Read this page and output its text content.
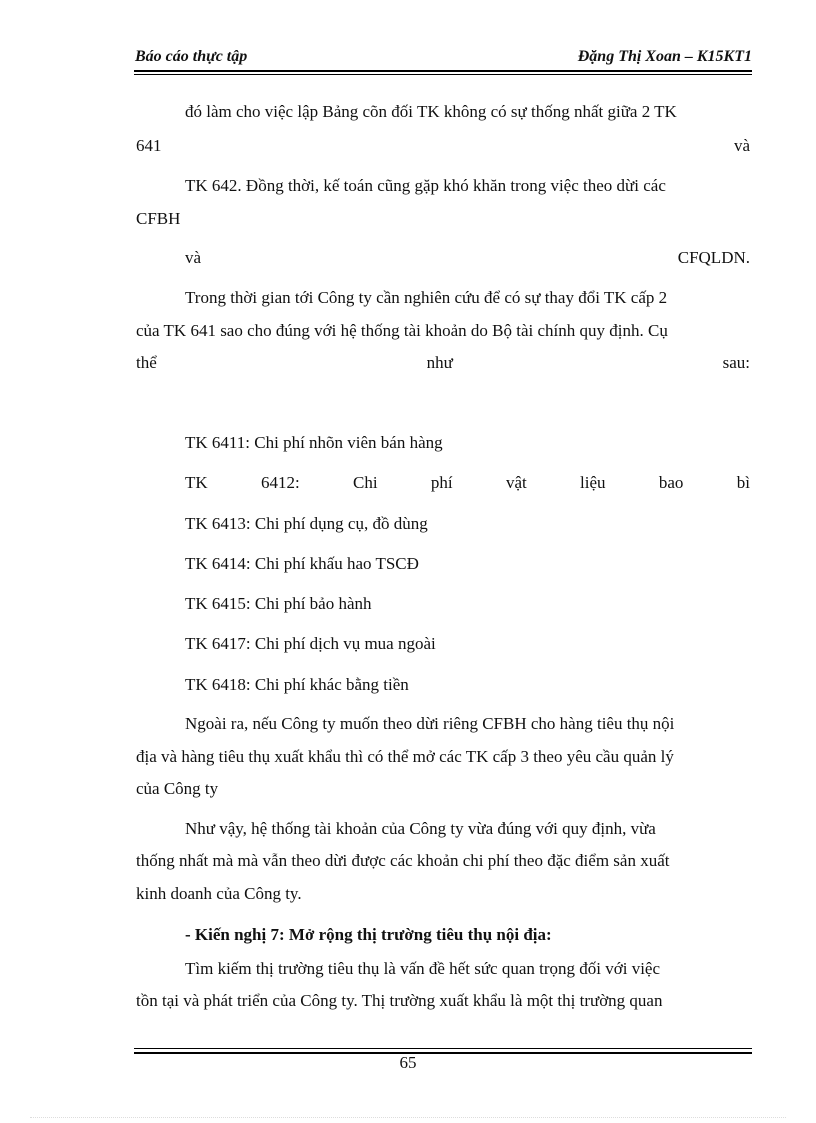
Báo cáo thực tập	Đặng Thị Xoan – K15KT1
đó làm cho việc lập Bảng cõn đối TK không có sự thống nhất giữa 2 TK
641	và
TK 642. Đồng thời, kế toán cũng gặp khó khăn trong việc theo dừi các
CFBH
và	CFQLDN.
Trong thời gian tới Công ty cần nghiên cứu để có sự thay đổi TK cấp 2
của TK 641 sao cho đúng với hệ thống tài khoản do Bộ tài chính quy định. Cụ
thể	như	sau:
TK 6411: Chi phí nhõn viên bán hàng
TK	6412:	Chi	phí	vật	liệu	bao	bì
TK 6413: Chi phí dụng cụ, đồ dùng
TK 6414: Chi phí khấu hao TSCĐ
TK 6415: Chi phí bảo hành
TK 6417: Chi phí dịch vụ mua ngoài
TK 6418: Chi phí khác bằng tiền
Ngoài ra, nếu Công ty muốn theo dừi riêng CFBH cho hàng tiêu thụ nội
địa và hàng tiêu thụ xuất khẩu thì có thể mở các TK cấp 3 theo yêu cầu quản lý
của Công ty
Như vậy, hệ thống tài khoản của Công ty vừa đúng với quy định, vừa
thống nhất mà mà vẫn theo dừi được các khoản chi phí theo đặc điểm sản xuất
kinh doanh của Công ty.
- Kiến nghị 7: Mở rộng thị trường tiêu thụ nội địa:
Tìm kiếm thị trường tiêu thụ là vấn đề hết sức quan trọng đối với việc
tồn tại và phát triển của Công ty. Thị trường xuất khẩu là một thị trường quan
65
